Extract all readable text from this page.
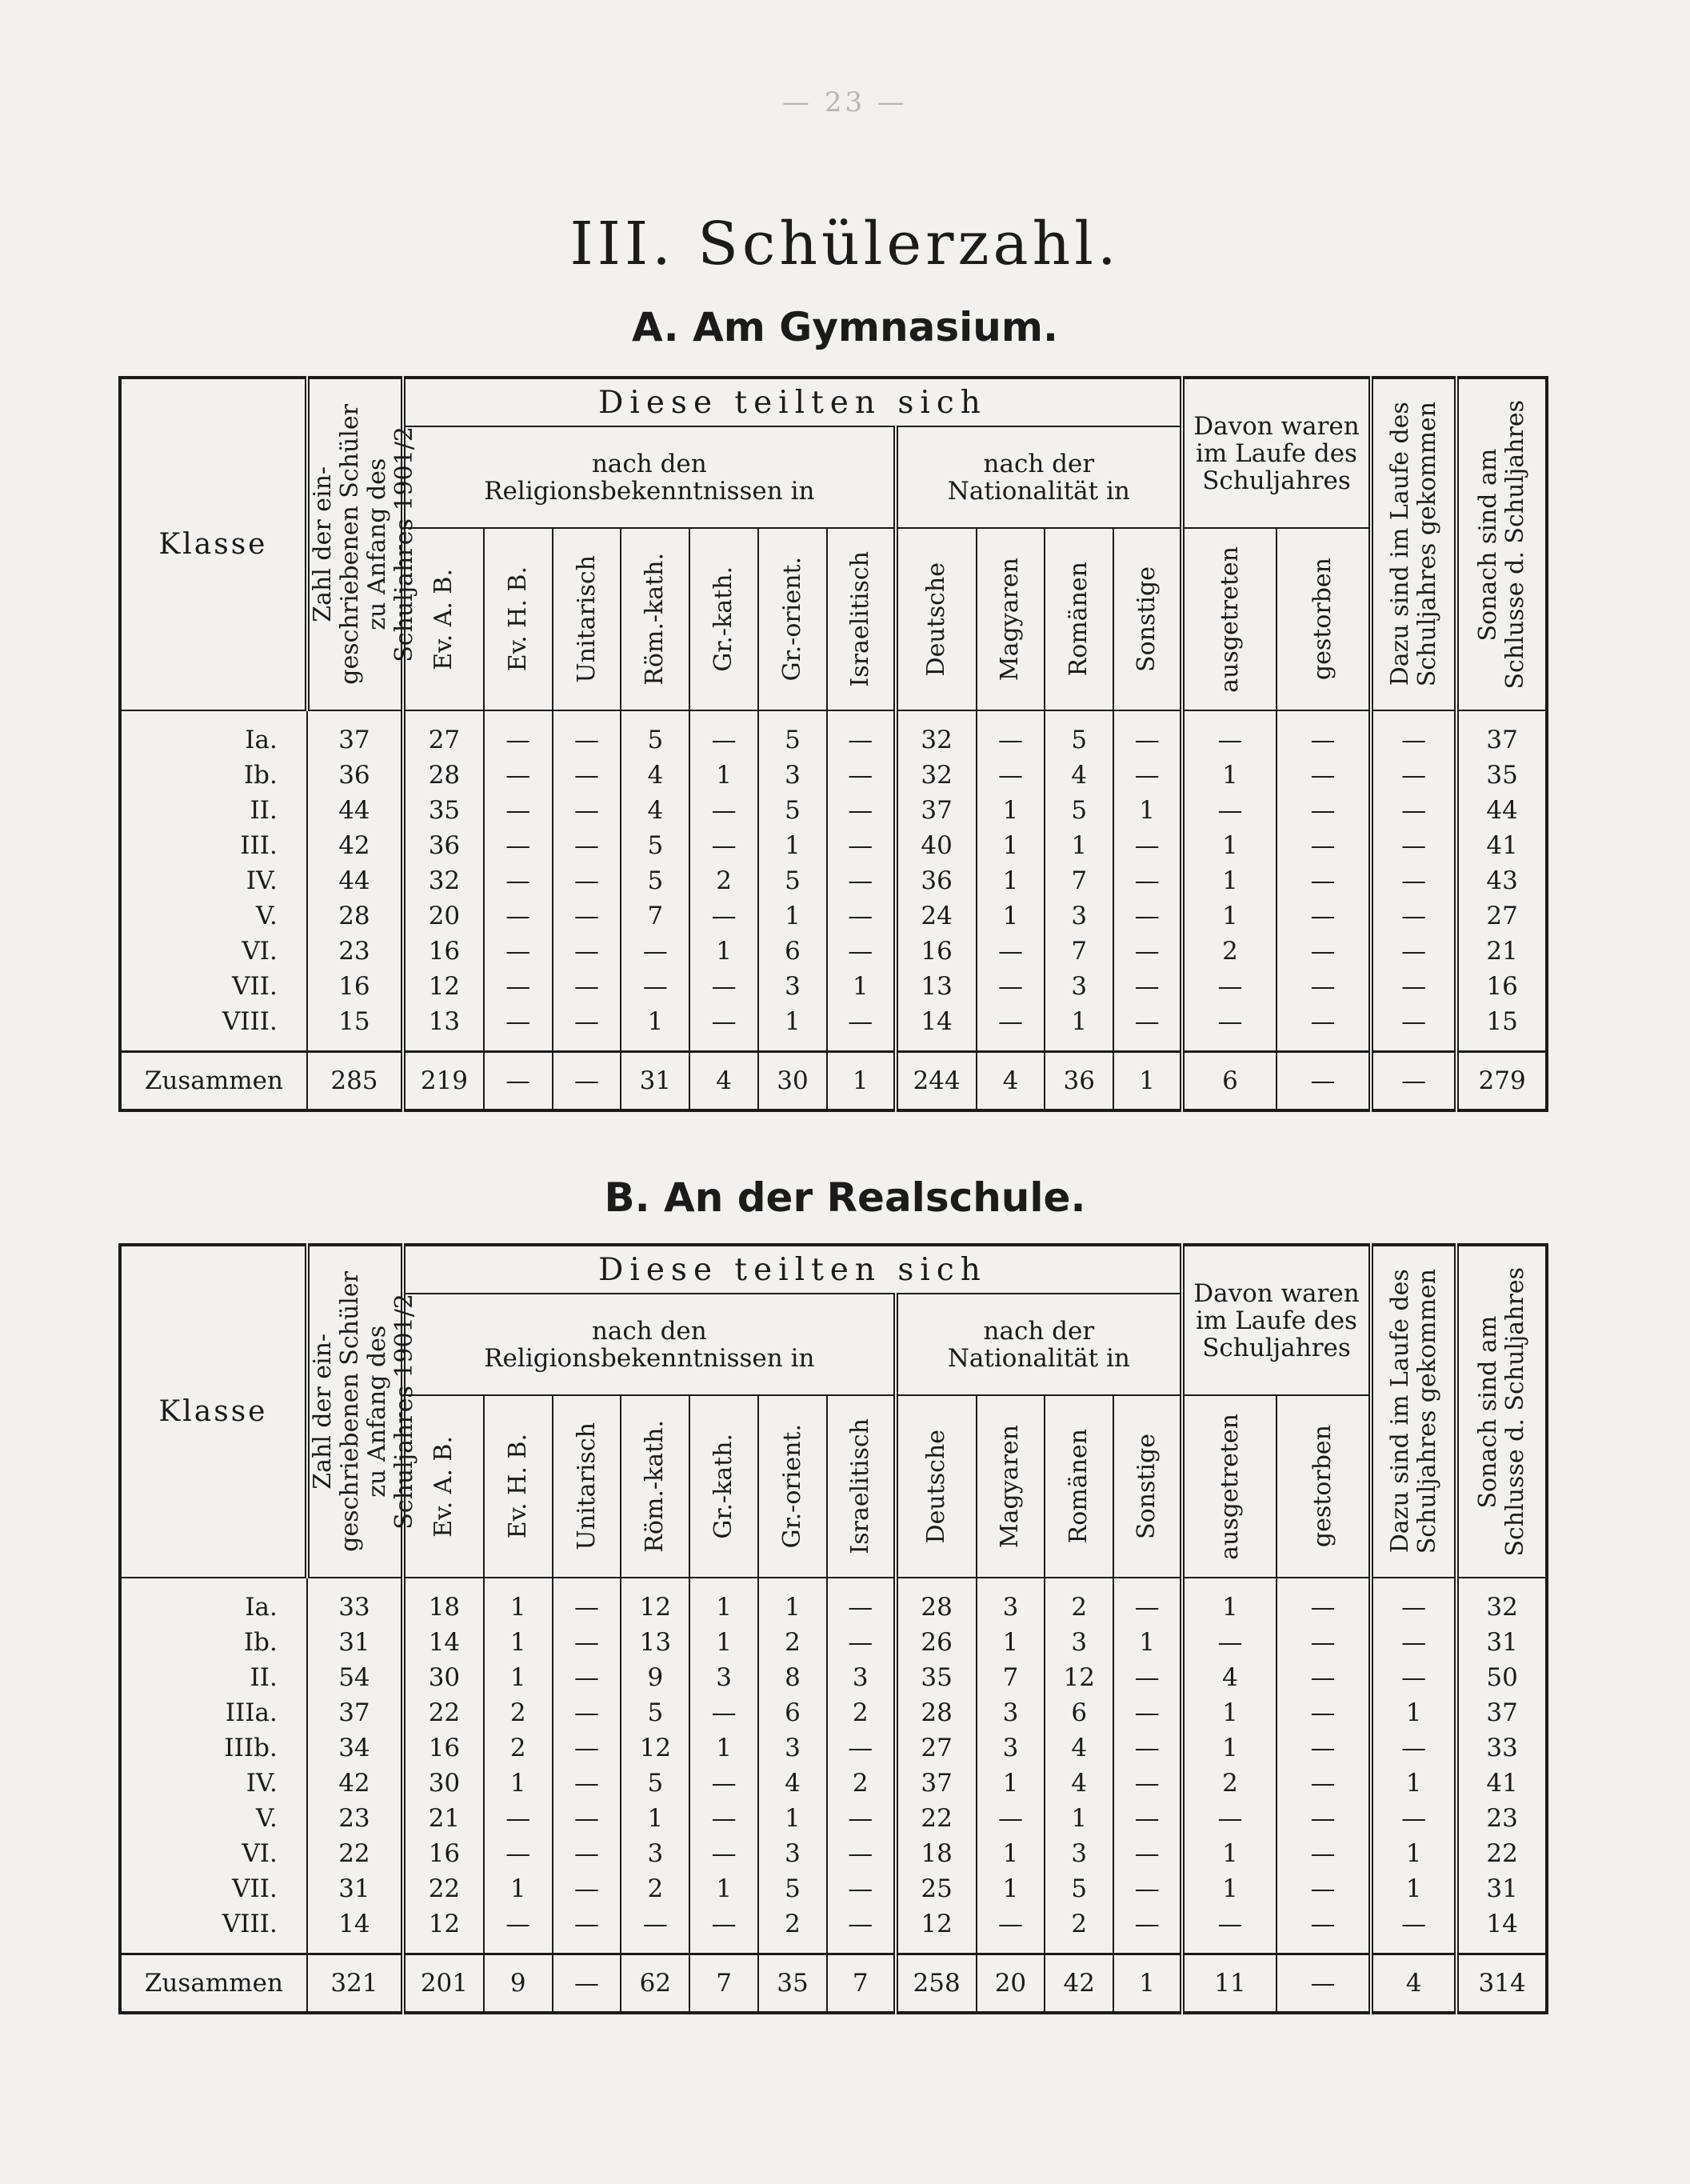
— 23 —
III. Schülerzahl.
A. Am Gymnasium.
Klasse	Zahl der ein-
geschriebenen Schüler
zu Anfang des
Schuljahres 1901/2	Diese teilten sich											Davon waren
im Laufe des
Schuljahres		Dazu sind im Laufe des
Schuljahres gekommen	Sonach sind am
Schlusse d. Schuljahres

		nach den
Religionsbekenntnissen in							nach der
Nationalität in							

		Ev. A. B.	Ev. H. B.	Unitarisch	Röm.-kath.	Gr.-kath.	Gr.-orient.	Israelitisch	Deutsche	Magyaren	Romänen	Sonstige	ausgetreten	gestorben		

Ia.	37	27	—	—	5	—	5	—	32	—	5	—	—	—	—	37
Ib.	36	28	—	—	4	1	3	—	32	—	4	—	1	—	—	35
II.	44	35	—	—	4	—	5	—	37	1	5	1	—	—	—	44
III.	42	36	—	—	5	—	1	—	40	1	1	—	1	—	—	41
IV.	44	32	—	—	5	2	5	—	36	1	7	—	1	—	—	43
V.	28	20	—	—	7	—	1	—	24	1	3	—	1	—	—	27
VI.	23	16	—	—	—	1	6	—	16	—	7	—	2	—	—	21
VII.	16	12	—	—	—	—	3	1	13	—	3	—	—	—	—	16
VIII.	15	13	—	—	1	—	1	—	14	—	1	—	—	—	—	15

Zusammen	285	219	—	—	31	4	30	1	244	4	36	1	6	—	—	279
B. An der Realschule.
Klasse	Zahl der ein-
geschriebenen Schüler
zu Anfang des
Schuljahres 1901/2	Diese teilten sich											Davon waren
im Laufe des
Schuljahres		Dazu sind im Laufe des
Schuljahres gekommen	Sonach sind am
Schlusse d. Schuljahres

		nach den
Religionsbekenntnissen in							nach der
Nationalität in							

		Ev. A. B.	Ev. H. B.	Unitarisch	Röm.-kath.	Gr.-kath.	Gr.-orient.	Israelitisch	Deutsche	Magyaren	Romänen	Sonstige	ausgetreten	gestorben		

Ia.	33	18	1	—	12	1	1	—	28	3	2	—	1	—	—	32
Ib.	31	14	1	—	13	1	2	—	26	1	3	1	—	—	—	31
II.	54	30	1	—	9	3	8	3	35	7	12	—	4	—	—	50
IIIa.	37	22	2	—	5	—	6	2	28	3	6	—	1	—	1	37
IIIb.	34	16	2	—	12	1	3	—	27	3	4	—	1	—	—	33
IV.	42	30	1	—	5	—	4	2	37	1	4	—	2	—	1	41
V.	23	21	—	—	1	—	1	—	22	—	1	—	—	—	—	23
VI.	22	16	—	—	3	—	3	—	18	1	3	—	1	—	1	22
VII.	31	22	1	—	2	1	5	—	25	1	5	—	1	—	1	31
VIII.	14	12	—	—	—	—	2	—	12	—	2	—	—	—	—	14

Zusammen	321	201	9	—	62	7	35	7	258	20	42	1	11	—	4	314
